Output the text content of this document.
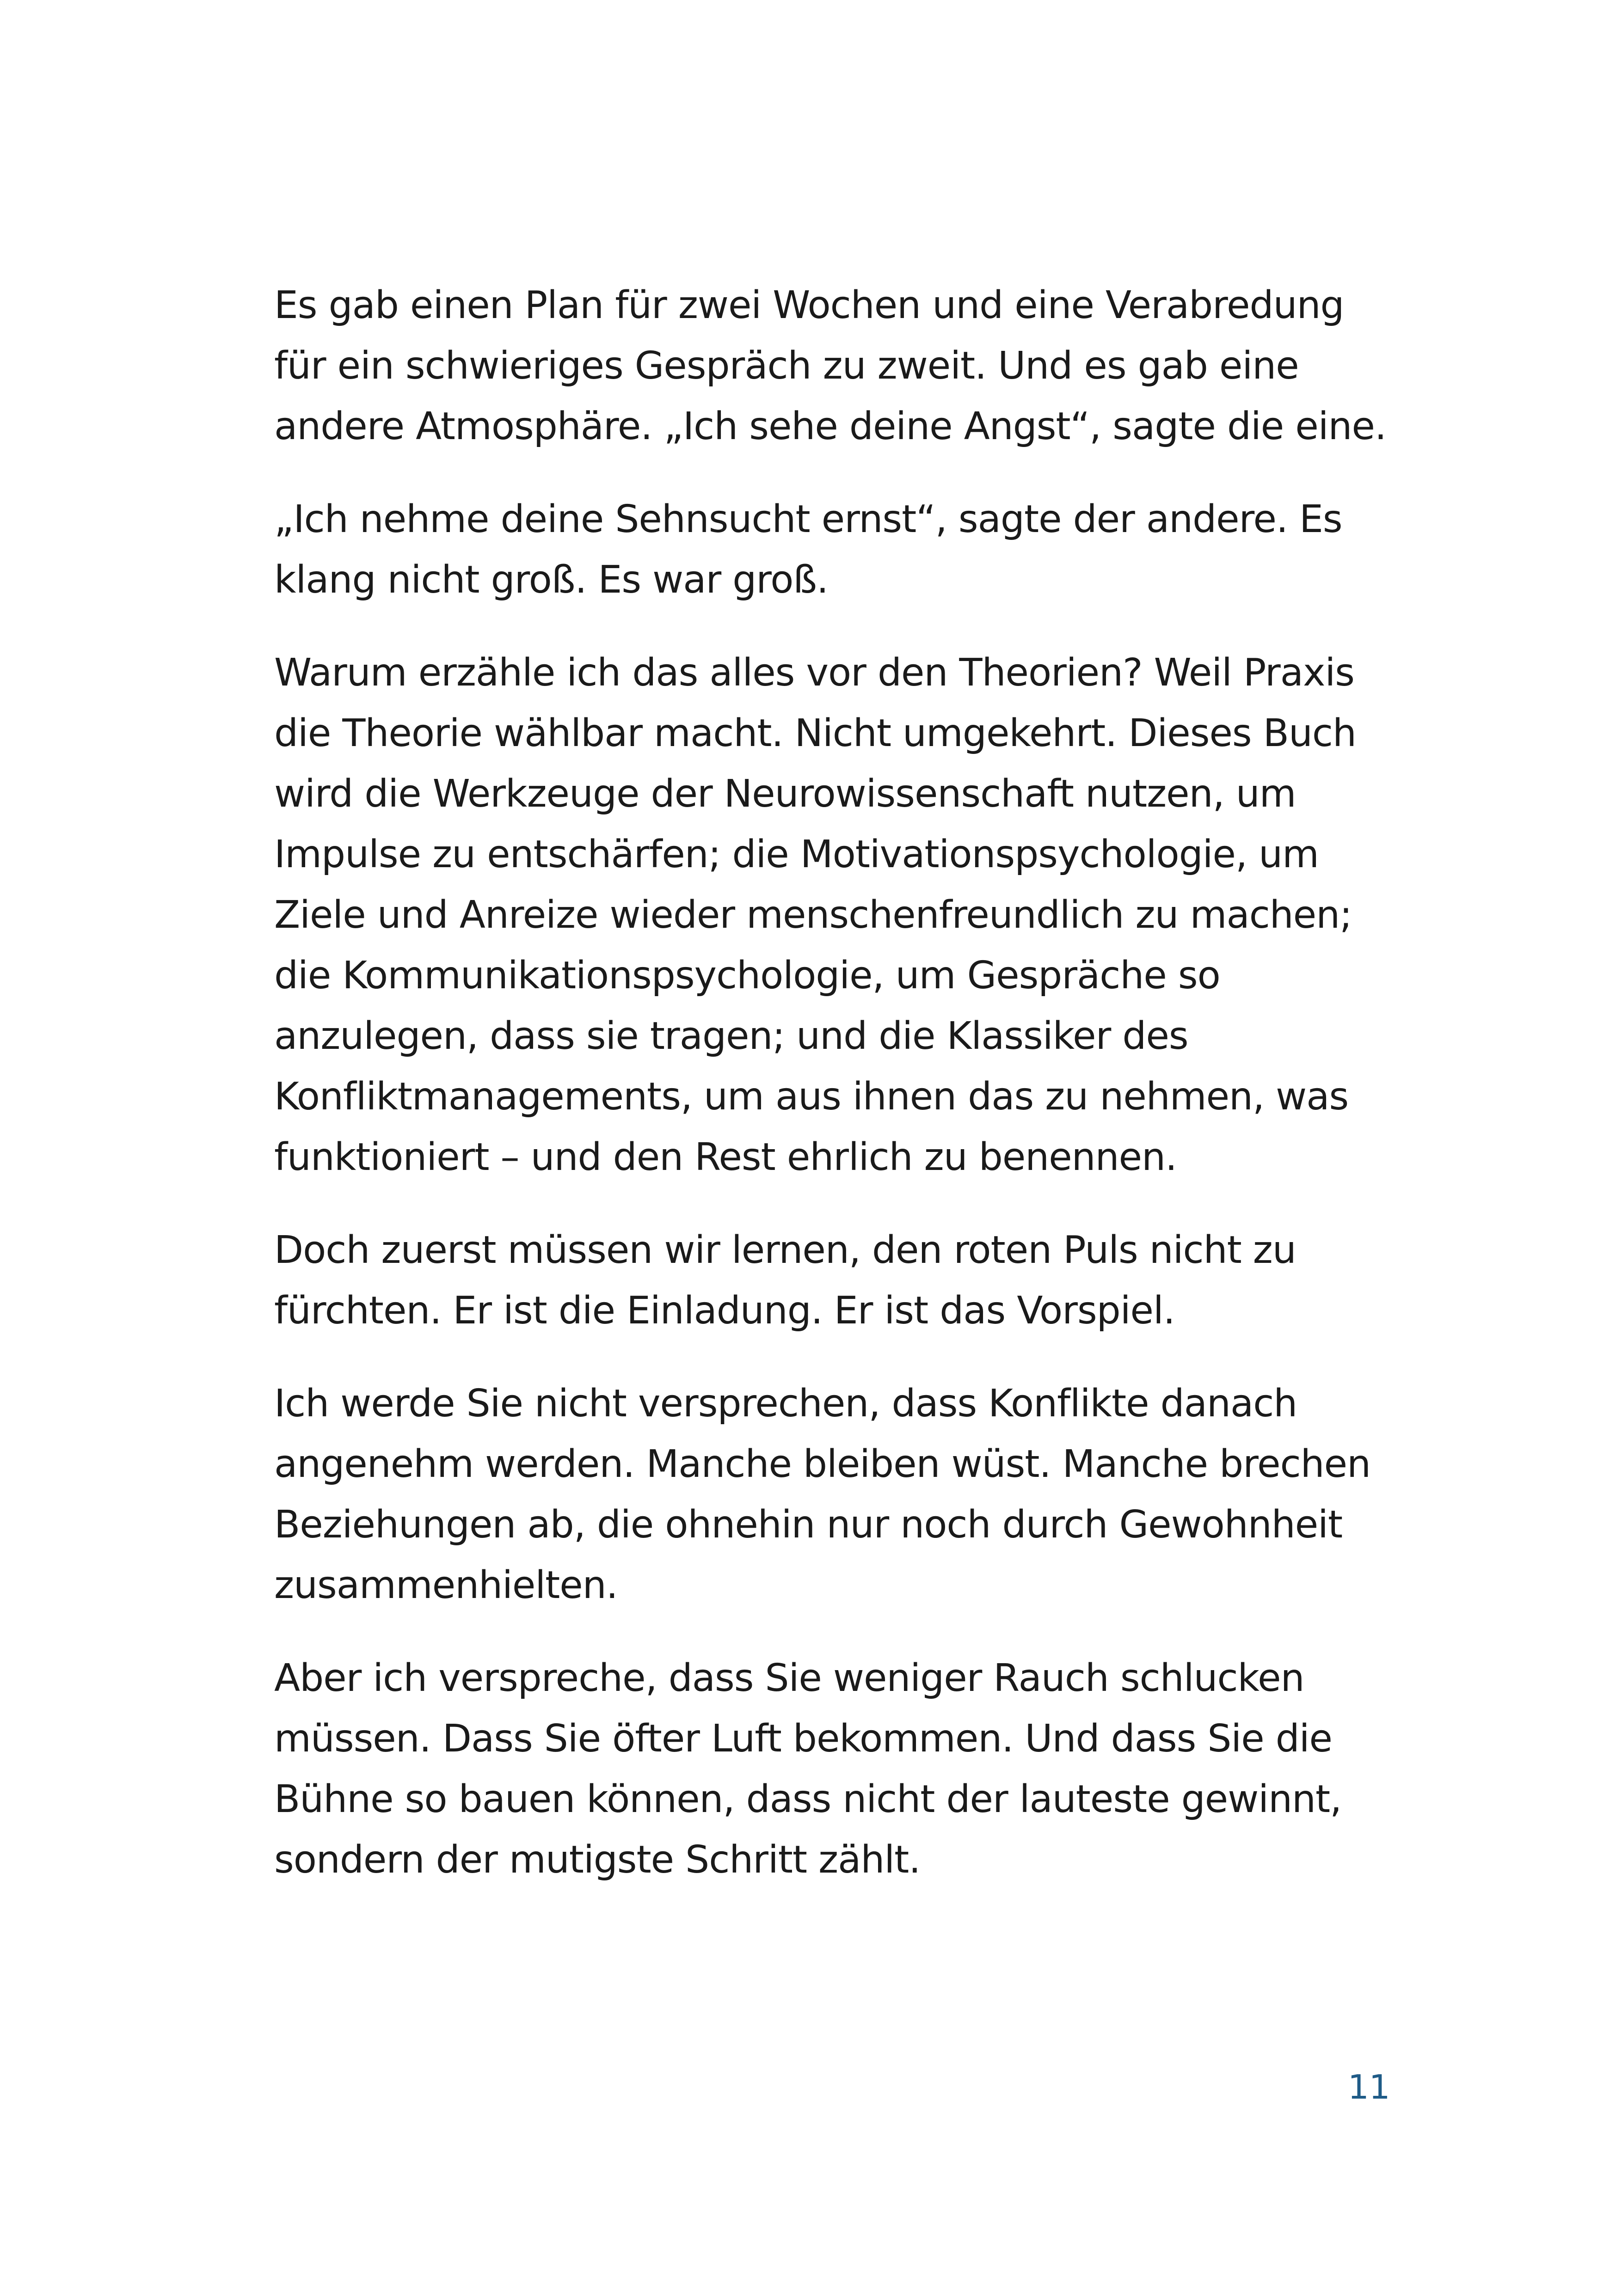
Es gab einen Plan für zwei Wochen und eine Verabredung
für ein schwieriges Gespräch zu zweit. Und es gab eine
andere Atmosphäre. „Ich sehe deine Angst“, sagte die eine.
„Ich nehme deine Sehnsucht ernst“, sagte der andere. Es
klang nicht groß. Es war groß.
Warum erzähle ich das alles vor den Theorien? Weil Praxis
die Theorie wählbar macht. Nicht umgekehrt. Dieses Buch
wird die Werkzeuge der Neurowissenschaft nutzen, um
Impulse zu entschärfen; die Motivationspsychologie, um
Ziele und Anreize wieder menschenfreundlich zu machen;
die Kommunikationspsychologie, um Gespräche so
anzulegen, dass sie tragen; und die Klassiker des
Konfliktmanagements, um aus ihnen das zu nehmen, was
funktioniert – und den Rest ehrlich zu benennen.
Doch zuerst müssen wir lernen, den roten Puls nicht zu
fürchten. Er ist die Einladung. Er ist das Vorspiel.
Ich werde Sie nicht versprechen, dass Konflikte danach
angenehm werden. Manche bleiben wüst. Manche brechen
Beziehungen ab, die ohnehin nur noch durch Gewohnheit
zusammenhielten.
Aber ich verspreche, dass Sie weniger Rauch schlucken
müssen. Dass Sie öfter Luft bekommen. Und dass Sie die
Bühne so bauen können, dass nicht der lauteste gewinnt,
sondern der mutigste Schritt zählt.
11
